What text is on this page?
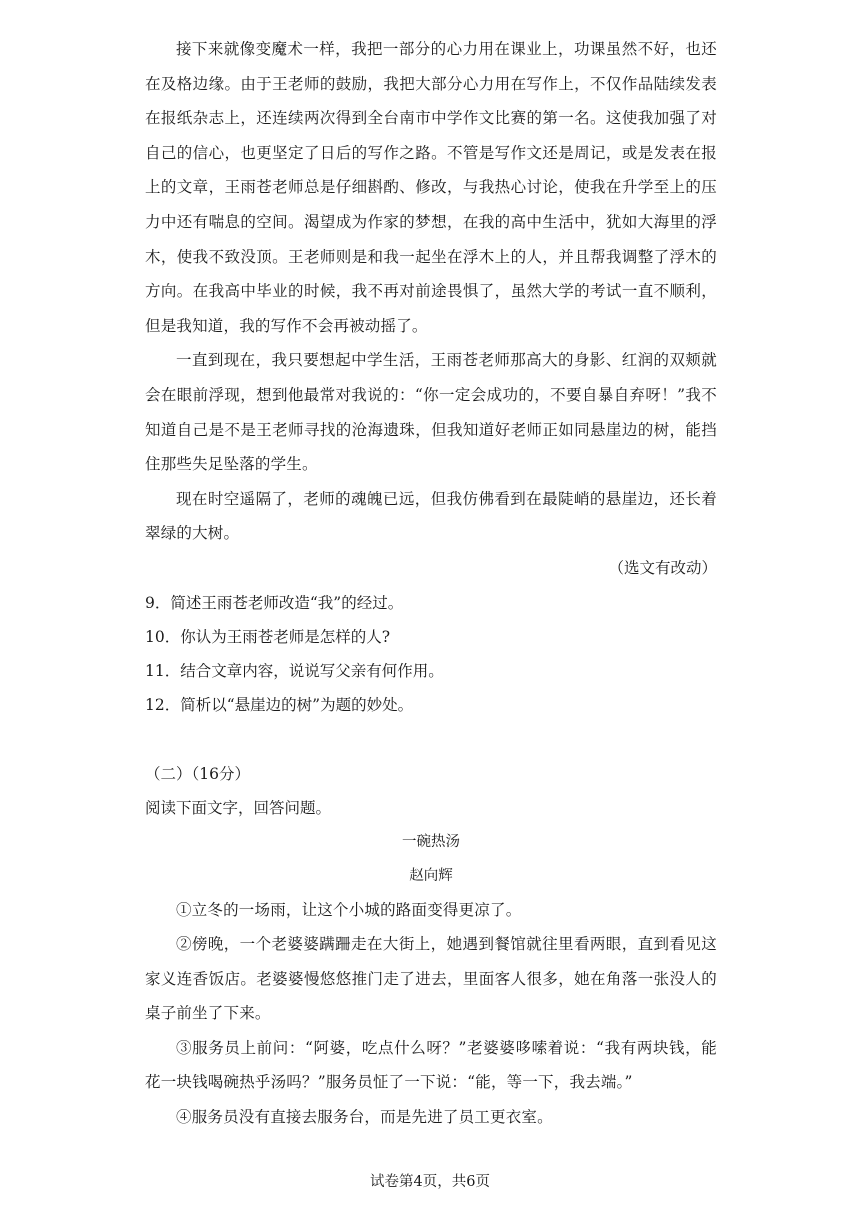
接下来就像变魔术一样，我把一部分的心力用在课业上，功课虽然不好，也还在及格边缘。由于王老师的鼓励，我把大部分心力用在写作上，不仅作品陆续发表在报纸杂志上，还连续两次得到全台南市中学作文比赛的第一名。这使我加强了对自己的信心，也更坚定了日后的写作之路。不管是写作文还是周记，或是发表在报上的文章，王雨苍老师总是仔细斟酌、修改，与我热心讨论，使我在升学至上的压力中还有喘息的空间。渴望成为作家的梦想，在我的高中生活中，犹如大海里的浮木，使我不致没顶。王老师则是和我一起坐在浮木上的人，并且帮我调整了浮木的方向。在我高中毕业的时候，我不再对前途畏惧了，虽然大学的考试一直不顺利，但是我知道，我的写作不会再被动摇了。

一直到现在，我只要想起中学生活，王雨苍老师那高大的身影、红润的双颊就会在眼前浮现，想到他最常对我说的：“你一定会成功的，不要自暴自弃呀！”我不知道自己是不是王老师寻找的沧海遗珠，但我知道好老师正如同悬崖边的树，能挡住那些失足坠落的学生。

现在时空遥隔了，老师的魂魄已远，但我仿佛看到在最陡峭的悬崖边，还长着翠绿的大树。

（选文有改动）

9．简述王雨苍老师改造“我”的经过。

10．你认为王雨苍老师是怎样的人?

11．结合文章内容，说说写父亲有何作用。

12．简析以“悬崖边的树”为题的妙处。

（二）（16分）

阅读下面文字，回答问题。

一碗热汤

赵向辉

①立冬的一场雨，让这个小城的路面变得更凉了。

②傍晚，一个老婆婆蹒跚走在大街上，她遇到餐馆就往里看两眼，直到看见这家义连香饭店。老婆婆慢悠悠推门走了进去，里面客人很多，她在角落一张没人的桌子前坐了下来。

③服务员上前问：“阿婆，吃点什么呀？”老婆婆哆嗦着说：“我有两块钱，能花一块钱喝碗热乎汤吗？”服务员怔了一下说：“能，等一下，我去端。”

④服务员没有直接去服务台，而是先进了员工更衣室。

试卷第4页，共6页
